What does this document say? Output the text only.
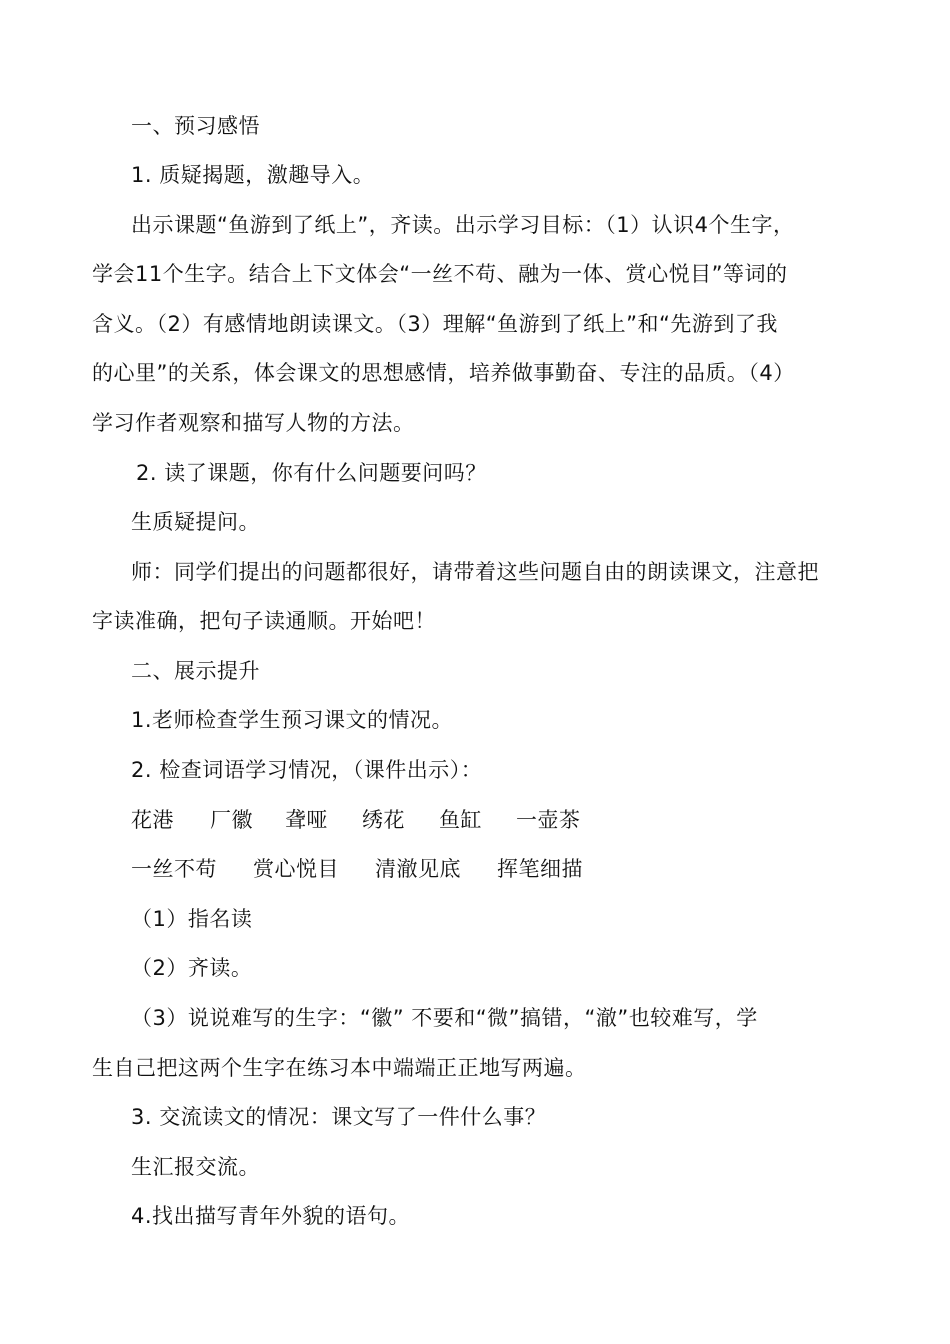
一、预习感悟
1. 质疑揭题，激趣导入。
出示课题“鱼游到了纸上”，齐读。出示学习目标：（1）认识4个生字，
学会11个生字。结合上下文体会“一丝不苟、融为一体、赏心悦目”等词的
含义。（2）有感情地朗读课文。（3）理解“鱼游到了纸上”和“先游到了我
的心里”的关系，体会课文的思想感情，培养做事勤奋、专注的品质。（4）
学习作者观察和描写人物的方法。
2. 读了课题，你有什么问题要问吗？
生质疑提问。
师：同学们提出的问题都很好，请带着这些问题自由的朗读课文，注意把
字读准确，把句子读通顺。开始吧！
二、展示提升
1.老师检查学生预习课文的情况。
2. 检查词语学习情况，（课件出示）：
花港 厂徽 聋哑 绣花 鱼缸 一壶茶
一丝不苟 赏心悦目 清澈见底 挥笔细描
（1）指名读
（2）齐读。
（3）说说难写的生字：“徽” 不要和“微”搞错，“澈”也较难写，学
生自己把这两个生字在练习本中端端正正地写两遍。
3. 交流读文的情况：课文写了一件什么事？
生汇报交流。
4.找出描写青年外貌的语句。
